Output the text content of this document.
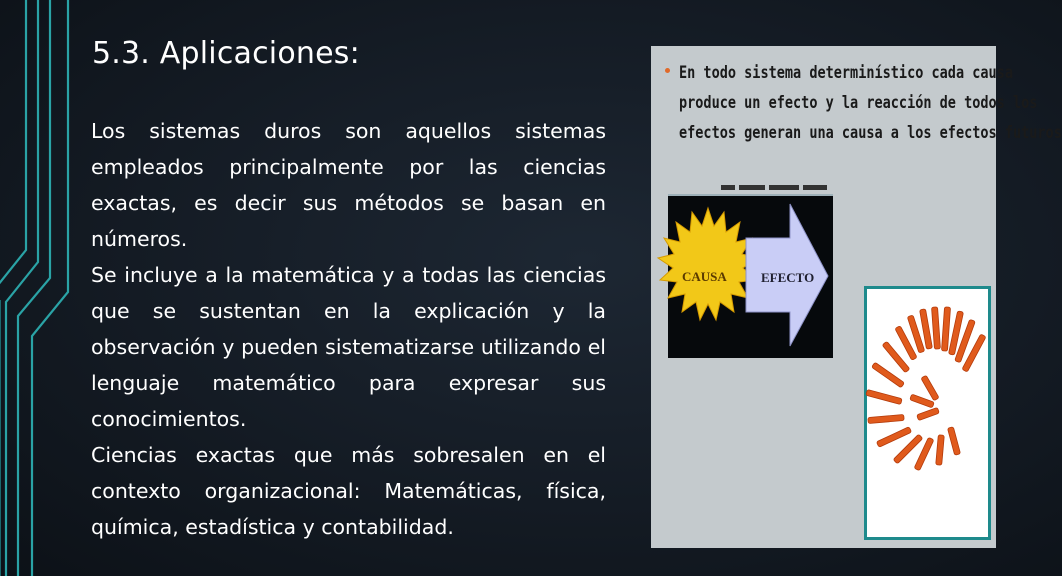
5.3. Aplicaciones:

Los sistemas duros son aquellos sistemas empleados principalmente por las ciencias exactas, es decir sus métodos se basan en números.

Se incluye a la matemática y a todas las ciencias que se sustentan en la explicación y la observación y pueden sistematizarse utilizando el lenguaje matemático para expresar sus conocimientos.

Ciencias exactas que más sobresalen en el contexto organizacional: Matemáticas, física, química, estadística y contabilidad.

En todo sistema determinístico cada causa
produce un efecto y la reacción de todos los
efectos generan una causa a los efectos futuros
CAUSA	EFECTO
